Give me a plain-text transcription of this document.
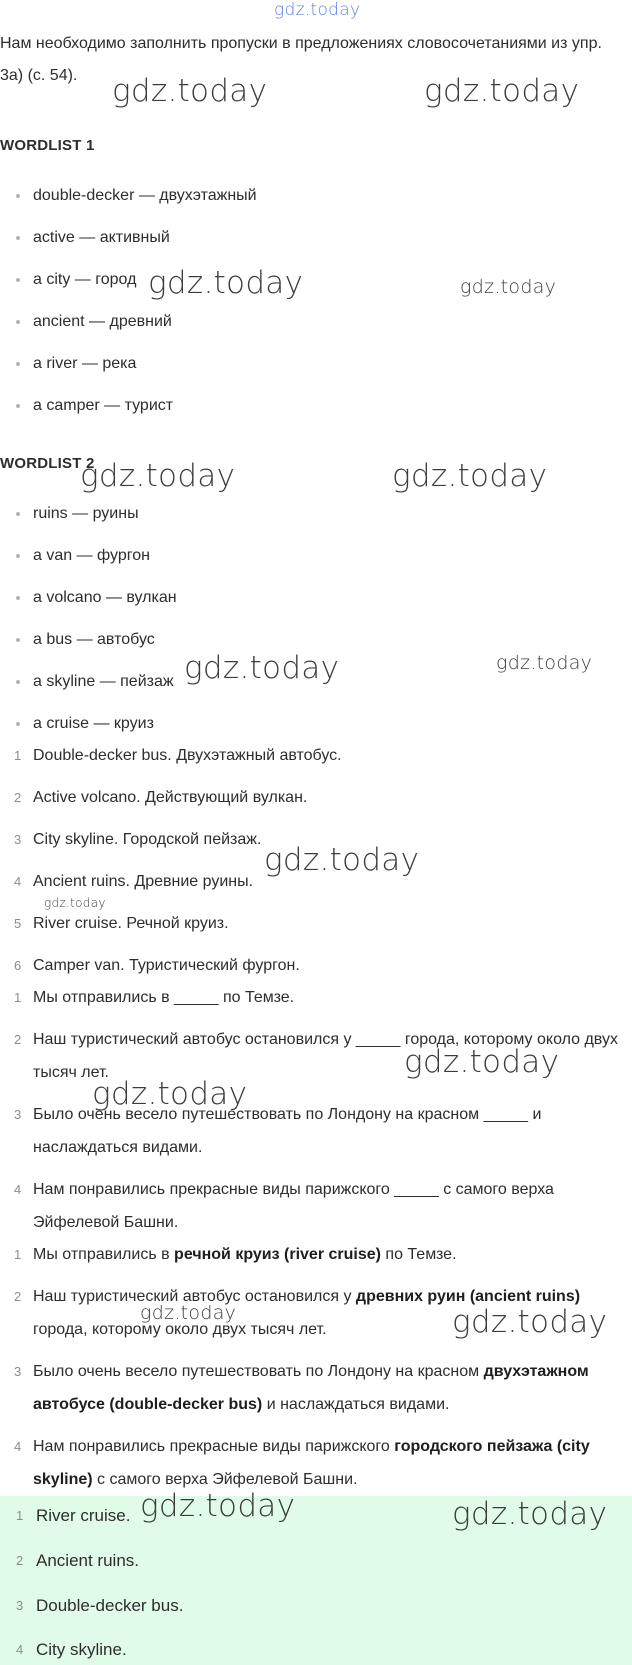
gdz.today
gdz.today	gdz.today
gdz.today	gdz.today
gdz.today	gdz.today
gdz.today	gdz.today
gdz.today
gdz.today
gdz.today
gdz.today
gdz.today	gdz.today
gdz.today	gdz.today
Нам необходимо заполнить пропуски в предложениях словосочетаниями из упр. 3а) (с. 54).
WORDLIST 1
double-decker — двухэтажный
active — активный
a city — город
ancient — древний
a river — река
a camper — турист
WORDLIST 2
ruins — руины
a van — фургон
a volcano — вулкан
a bus — автобус
a skyline — пейзаж
a cruise — круиз
1 Double-decker bus. Двухэтажный автобус.
2 Active volcano. Действующий вулкан.
3 City skyline. Городской пейзаж.
4 Ancient ruins. Древние руины.
5 River cruise. Речной круиз.
6 Camper van. Туристический фургон.
1 Мы отправились в _____ по Темзе.
2 Наш туристический автобус остановился у _____ города, которому около двух тысяч лет.
3 Было очень весело путешествовать по Лондону на красном _____ и наслаждаться видами.
4 Нам понравились прекрасные виды парижского _____ с самого верха Эйфелевой Башни.
1 Мы отправились в речной круиз (river cruise) по Темзе.
2 Наш туристический автобус остановился у древних руин (ancient ruins) города, которому около двух тысяч лет.
3 Было очень весело путешествовать по Лондону на красном двухэтажном автобусе (double-decker bus) и наслаждаться видами.
4 Нам понравились прекрасные виды парижского городского пейзажа (city skyline) с самого верха Эйфелевой Башни.
1 River cruise.
2 Ancient ruins.
3 Double-decker bus.
4 City skyline.
